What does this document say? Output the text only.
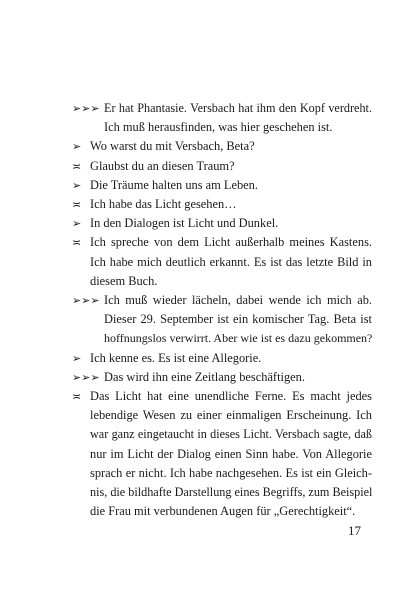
➢➢➢ Er hat Phantasie. Versbach hat ihm den Kopf verdreht.
Ich muß herausfinden, was hier geschehen ist.

➢ Wo warst du mit Versbach, Beta?

≍ Glaubst du an diesen Traum?

➢ Die Träume halten uns am Leben.

≍ Ich habe das Licht gesehen…

➢ In den Dialogen ist Licht und Dunkel.

≍ Ich spreche von dem Licht außerhalb meines Kastens.
Ich habe mich deutlich erkannt. Es ist das letzte Bild in
diesem Buch.

➢➢➢ Ich muß wieder lächeln, dabei wende ich mich ab.
Dieser 29. September ist ein komischer Tag. Beta ist
hoffnungslos verwirrt. Aber wie ist es dazu gekommen?

➢ Ich kenne es. Es ist eine Allegorie.

➢➢➢ Das wird ihn eine Zeitlang beschäftigen.

≍ Das Licht hat eine unendliche Ferne. Es macht jedes
lebendige Wesen zu einer einmaligen Erscheinung. Ich
war ganz eingetaucht in dieses Licht. Versbach sagte, daß
nur im Licht der Dialog einen Sinn habe. Von Allegorie
sprach er nicht. Ich habe nachgesehen. Es ist ein Gleich-
nis, die bildhafte Darstellung eines Begriffs, zum Beispiel
die Frau mit verbundenen Augen für „Gerechtigkeit“.

17
